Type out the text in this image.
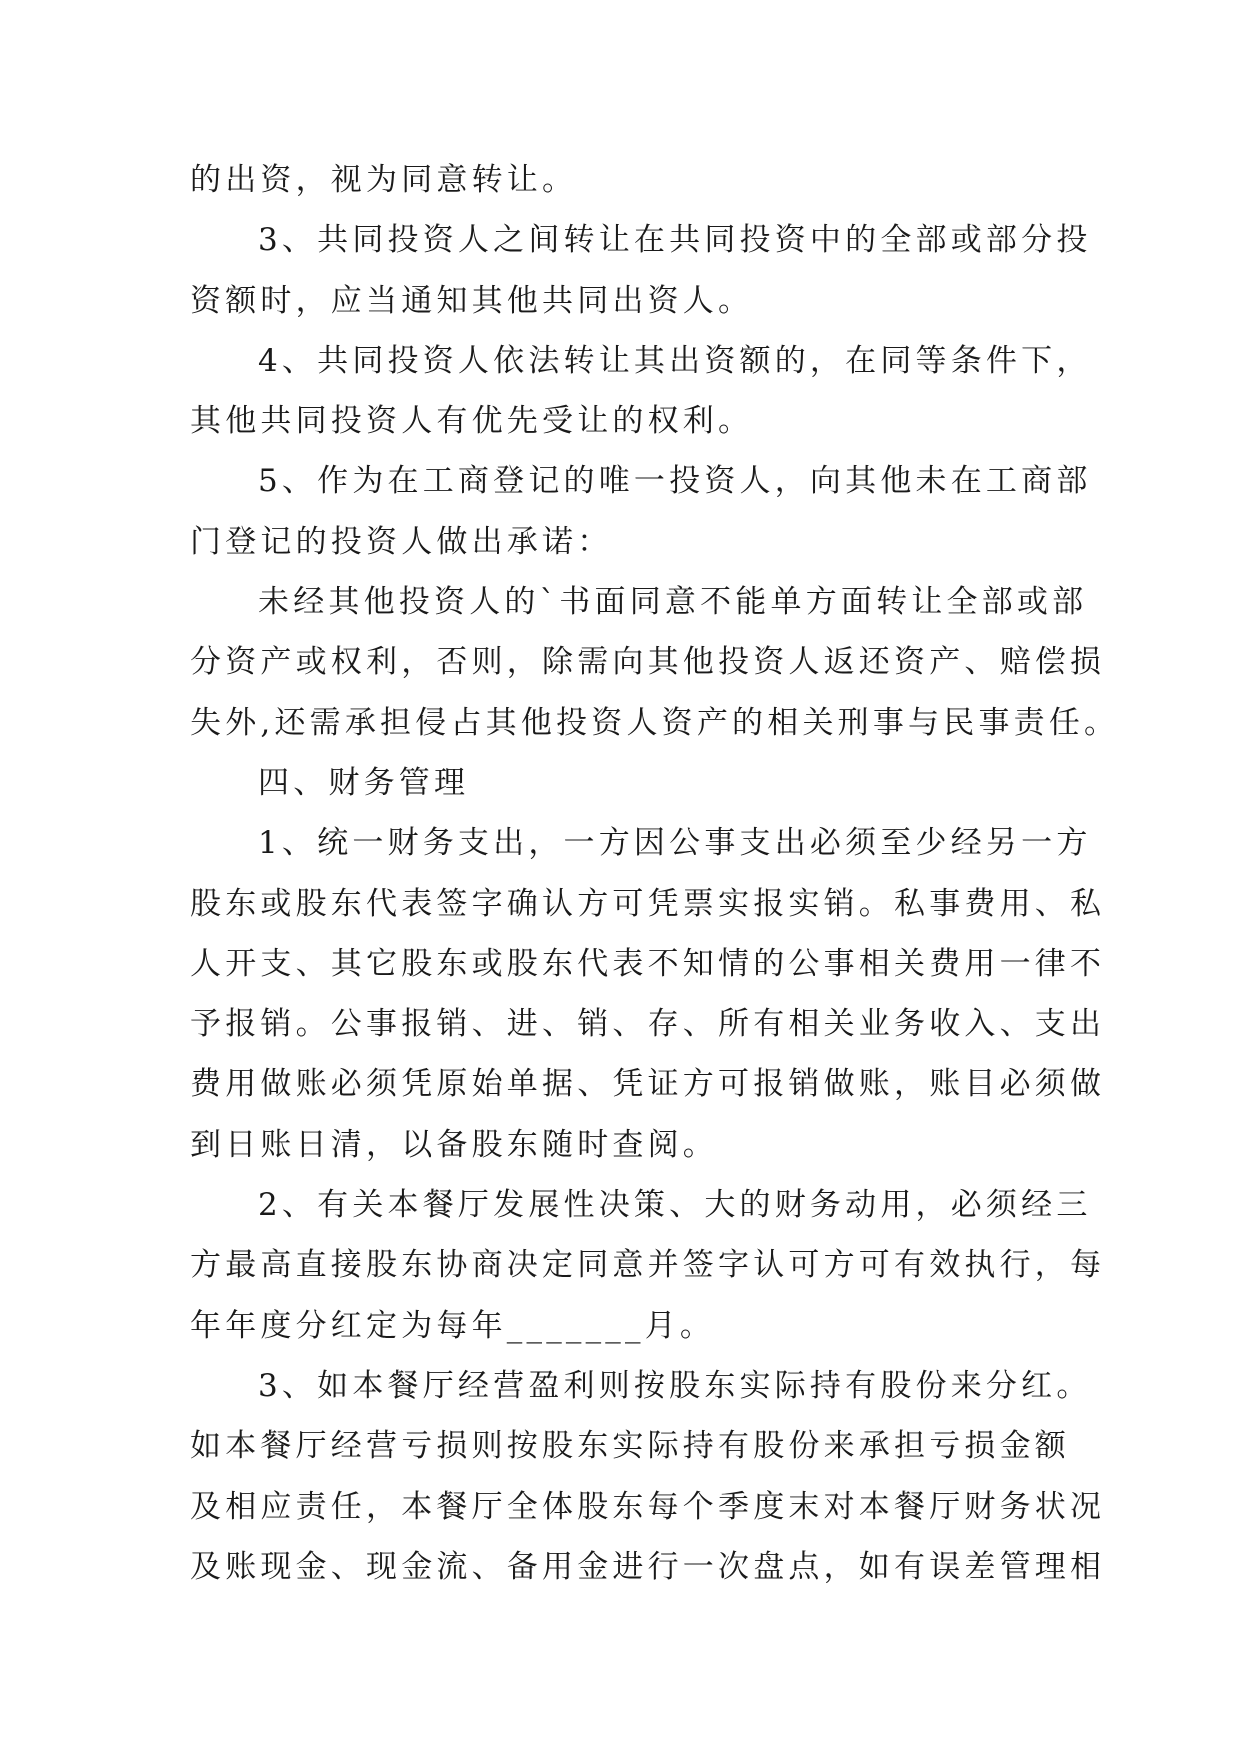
的出资，视为同意转让。
3、共同投资人之间转让在共同投资中的全部或部分投
资额时，应当通知其他共同出资人。
4、共同投资人依法转让其出资额的，在同等条件下，
其他共同投资人有优先受让的权利。
5、作为在工商登记的唯一投资人，向其他未在工商部
门登记的投资人做出承诺：
未经其他投资人的`书面同意不能单方面转让全部或部
分资产或权利，否则，除需向其他投资人返还资产、赔偿损
失外,还需承担侵占其他投资人资产的相关刑事与民事责任。
四、财务管理
1、统一财务支出，一方因公事支出必须至少经另一方
股东或股东代表签字确认方可凭票实报实销。私事费用、私
人开支、其它股东或股东代表不知情的公事相关费用一律不
予报销。公事报销、进、销、存、所有相关业务收入、支出
费用做账必须凭原始单据、凭证方可报销做账，账目必须做
到日账日清，以备股东随时查阅。
2、有关本餐厅发展性决策、大的财务动用，必须经三
方最高直接股东协商决定同意并签字认可方可有效执行，每
年年度分红定为每年_______月。
3、如本餐厅经营盈利则按股东实际持有股份来分红。
如本餐厅经营亏损则按股东实际持有股份来承担亏损金额
及相应责任，本餐厅全体股东每个季度末对本餐厅财务状况
及账现金、现金流、备用金进行一次盘点，如有误差管理相
